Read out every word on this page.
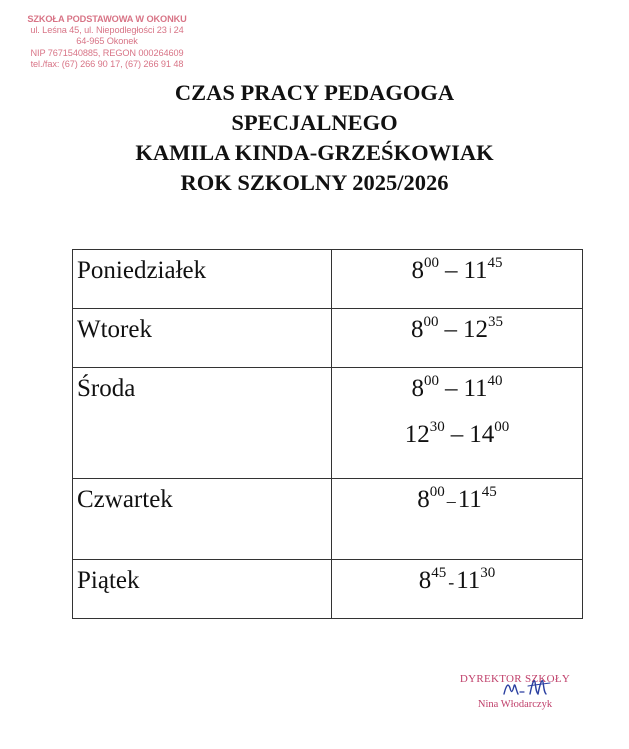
SZKOŁA PODSTAWOWA W OKONKU
ul. Leśna 45, ul. Niepodległości 23 i 24
64-965 Okonek
NIP 7671540885, REGON 000264609
tel./fax: (67) 266 90 17, (67) 266 91 48
CZAS PRACY PEDAGOGA
SPECJALNEGO
KAMILA KINDA-GRZEŚKOWIAK
ROK SZKOLNY 2025/2026
Poniedziałek	$8^{00} - 11^{45}$

Wtorek	$8^{00} - 12^{35}$

Środa	$8^{00} - 11^{40}$
$12^{30} - 14^{00}$

Czwartek	$8^{00}$ $-11^{45}$

Piątek	$8^{45}$ $-11^{30}$
DYREKTOR SZKOŁY
Nina Włodarczyk
